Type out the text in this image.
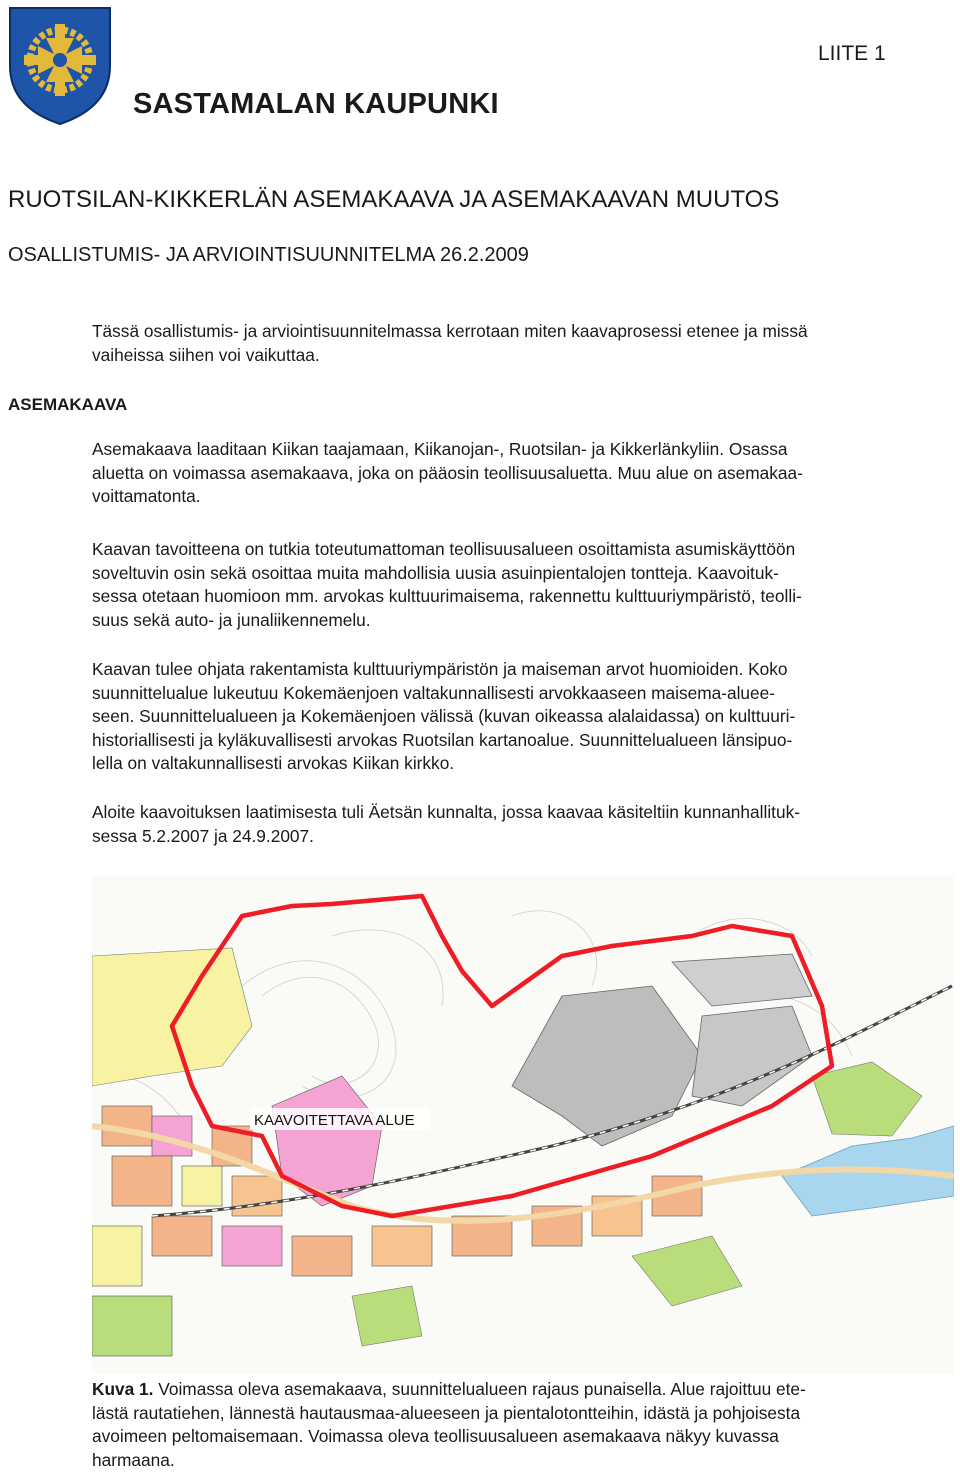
LIITE 1
SASTAMALAN KAUPUNKI
RUOTSILAN-KIKKERLÄN ASEMAKAAVA JA ASEMAKAAVAN MUUTOS
OSALLISTUMIS- JA ARVIOINTISUUNNITELMA 26.2.2009
ASEMAKAAVA

Tässä osallistumis- ja arviointisuunnitelmassa kerrotaan miten kaavaprosessi etenee ja missä
vaiheissa siihen voi vaikuttaa.

Asemakaava laaditaan Kiikan taajamaan, Kiikanojan-, Ruotsilan- ja Kikkerlänkyliin. Osassa
aluetta on voimassa asemakaava, joka on pääosin teollisuusaluetta. Muu alue on asemakaa-
voittamatonta.

Kaavan tavoitteena on tutkia toteutumattoman teollisuusalueen osoittamista asumiskäyttöön
soveltuvin osin sekä osoittaa muita mahdollisia uusia asuinpientalojen tontteja. Kaavoituk-
sessa otetaan huomioon mm. arvokas kulttuurimaisema, rakennettu kulttuuriympäristö, teolli-
suus sekä auto- ja junaliikennemelu.

Kaavan tulee ohjata rakentamista kulttuuriympäristön ja maiseman arvot huomioiden. Koko
suunnittelualue lukeutuu Kokemäenjoen valtakunnallisesti arvokkaaseen maisema-aluee-
seen. Suunnittelualueen ja Kokemäenjoen välissä (kuvan oikeassa alalaidassa) on kulttuuri-
historiallisesti ja kyläkuvallisesti arvokas Ruotsilan kartanoalue. Suunnittelualueen länsipuo-
lella on valtakunnallisesti arvokas Kiikan kirkko.

Aloite kaavoituksen laatimisesta tuli Äetsän kunnalta, jossa kaavaa käsiteltiin kunnanhallituk-
sessa 5.2.2007 ja 24.9.2007.

KAAVOITETTAVA ALUE

Kuva 1. Voimassa oleva asemakaava, suunnittelualueen rajaus punaisella. Alue rajoittuu ete-
lästä rautatiehen, lännestä hautausmaa-alueeseen ja pientalotontteihin, idästä ja pohjoisesta
avoimeen peltomaisemaan. Voimassa oleva teollisuusalueen asemakaava näkyy kuvassa
harmaana.
